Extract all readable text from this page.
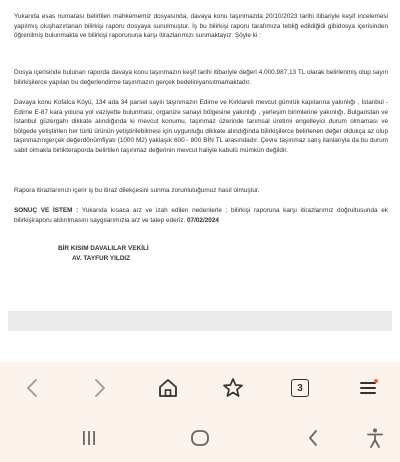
Yukarıda esas numarası belirtilen mahkememiz dosyasında, davaya konu taşınmazda 20/10/2023 tarihi itibariyle keşif incelemesi yapılmış oluşhazırlanan bilirkişi raporu dosyaya sunulmuştur. İş bu bilirkişi raporu tarafımıza tebliğ edildiğidi gibidosya içerisinden öğrenilmiş bulunmakta ve bilirkişi raporununa karşı itirazlarımızı sunmaktayız. Şöyle ki :

Dosya içerisinde bulunan raporda davaya konu taşınmazın keşif tarihi itibariyle değeri 4.000.987,13 TL olarak belirlenmiş olup sayın bilirkişilerce yapılan bu değerlendirme taşınmazın gerçek bedeliniyansıtmamaktadır.

Davaya konu Kofalca Köyü, 134 ada 34 parsel sayılı taşınmazın Edirne ve Kırklareli mevcut gümrük kapılarına yakınlığı , İstanbul - Edirne E-87 kara yoluna yol vaziyette bulunması, organize sanayi bölgesine yakınlığı , yerleşim birimlerine yakınlığı, Bulgaristan ve İstanbul güzergahı dikkate alındığında ki mevcut konumu, taşınmaz üzerinde tarımsal üretimi engelleyici durum olmaması ve bölgede yetiştirilen her türlü ürünün yetiştirilebilmesi için uygunluğu dikkate alındığında bilirkişilerce belirlenen değer oldukça az olup taşınmazıngerçek değerdönümfiyatı (1000 M2) yaklaşık 600 - 800 BİN TL arasındadır. Çevre taşınmaz satış ilanlarıyla da bu durum sabit olmakla birlikteraporda belirtilen taşınmaz değerinin mevcut haliyle kabulü mümkün değildir.

Rapora itirazlarımızı içerir iş bu itiraz dilekçesini sunma zorunluluğumuz hasıl olmuştur.

SONUÇ VE İSTEM : Yukarıda kısaca arz ve izah edilen nedenlerle ; bilirkişi raporuna karşı itirazlarımız doğrultusunda ek bilirkişiraporu aldırılmasını saygılarımızla arz ve talep ederiz. 07/02/2024

BİR KISIM DAVALILAR VEKİLİ
AV. TAYFUR YILDIZ
3
